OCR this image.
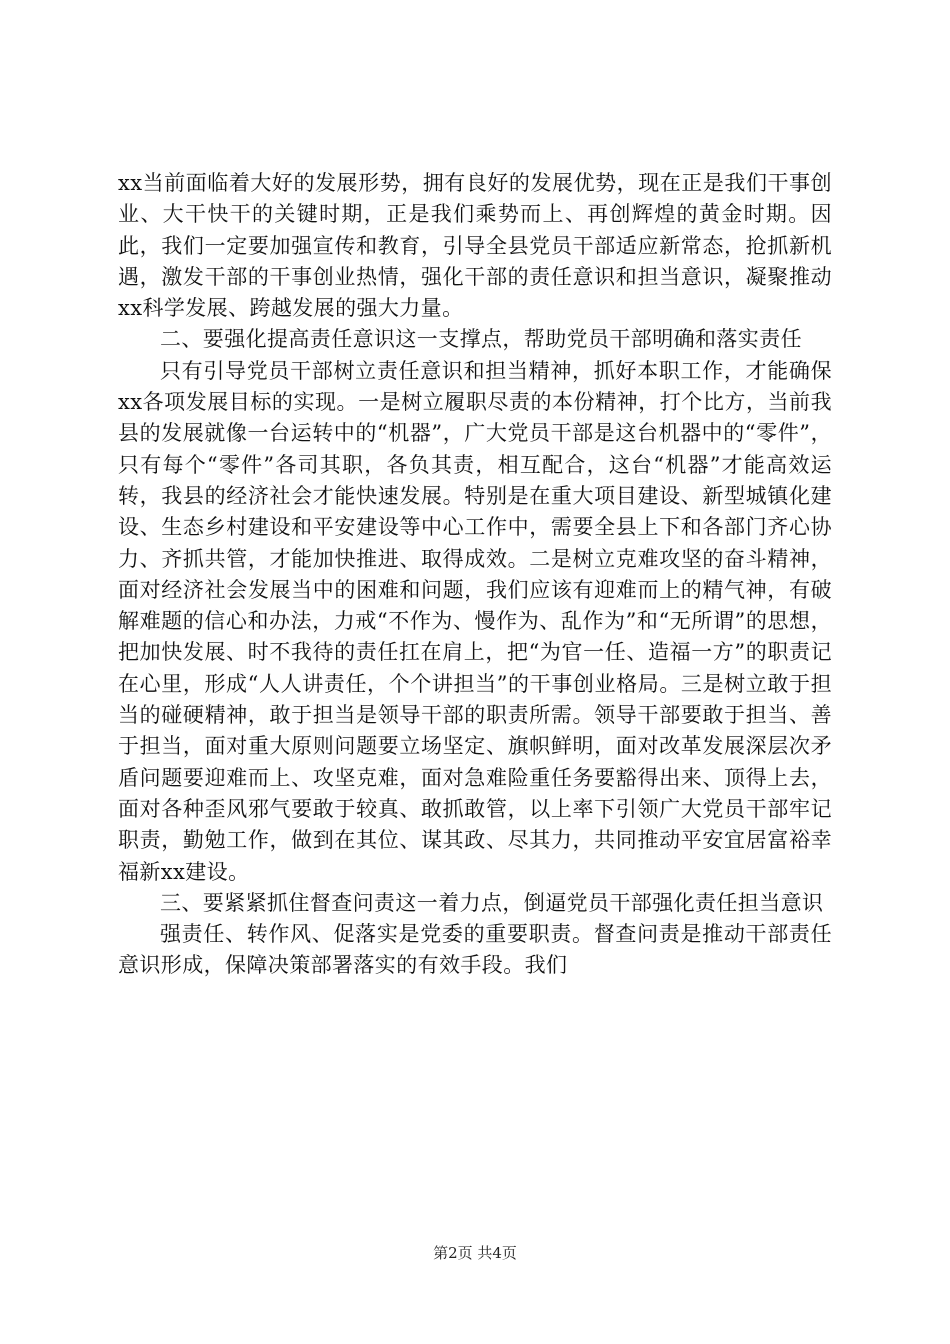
xx当前面临着大好的发展形势，拥有良好的发展优势，现在正是我们干事创业、大干快干的关键时期，正是我们乘势而上、再创辉煌的黄金时期。因此，我们一定要加强宣传和教育，引导全县党员干部适应新常态，抢抓新机遇，激发干部的干事创业热情，强化干部的责任意识和担当意识，凝聚推动xx科学发展、跨越发展的强大力量。

二、要强化提高责任意识这一支撑点，帮助党员干部明确和落实责任

只有引导党员干部树立责任意识和担当精神，抓好本职工作，才能确保xx各项发展目标的实现。一是树立履职尽责的本份精神，打个比方，当前我县的发展就像一台运转中的“机器”，广大党员干部是这台机器中的“零件”，只有每个“零件”各司其职，各负其责，相互配合，这台“机器”才能高效运转，我县的经济社会才能快速发展。特别是在重大项目建设、新型城镇化建设、生态乡村建设和平安建设等中心工作中，需要全县上下和各部门齐心协力、齐抓共管，才能加快推进、取得成效。二是树立克难攻坚的奋斗精神，面对经济社会发展当中的困难和问题，我们应该有迎难而上的精气神，有破解难题的信心和办法，力戒“不作为、慢作为、乱作为”和“无所谓”的思想，把加快发展、时不我待的责任扛在肩上，把“为官一任、造福一方”的职责记在心里，形成“人人讲责任，个个讲担当”的干事创业格局。三是树立敢于担当的碰硬精神，敢于担当是领导干部的职责所需。领导干部要敢于担当、善于担当，面对重大原则问题要立场坚定、旗帜鲜明，面对改革发展深层次矛盾问题要迎难而上、攻坚克难，面对急难险重任务要豁得出来、顶得上去，面对各种歪风邪气要敢于较真、敢抓敢管，以上率下引领广大党员干部牢记职责，勤勉工作，做到在其位、谋其政、尽其力，共同推动平安宜居富裕幸福新xx建设。

三、要紧紧抓住督查问责这一着力点，倒逼党员干部强化责任担当意识

强责任、转作风、促落实是党委的重要职责。督查问责是推动干部责任意识形成，保障决策部署落实的有效手段。我们

第2页 共4页
